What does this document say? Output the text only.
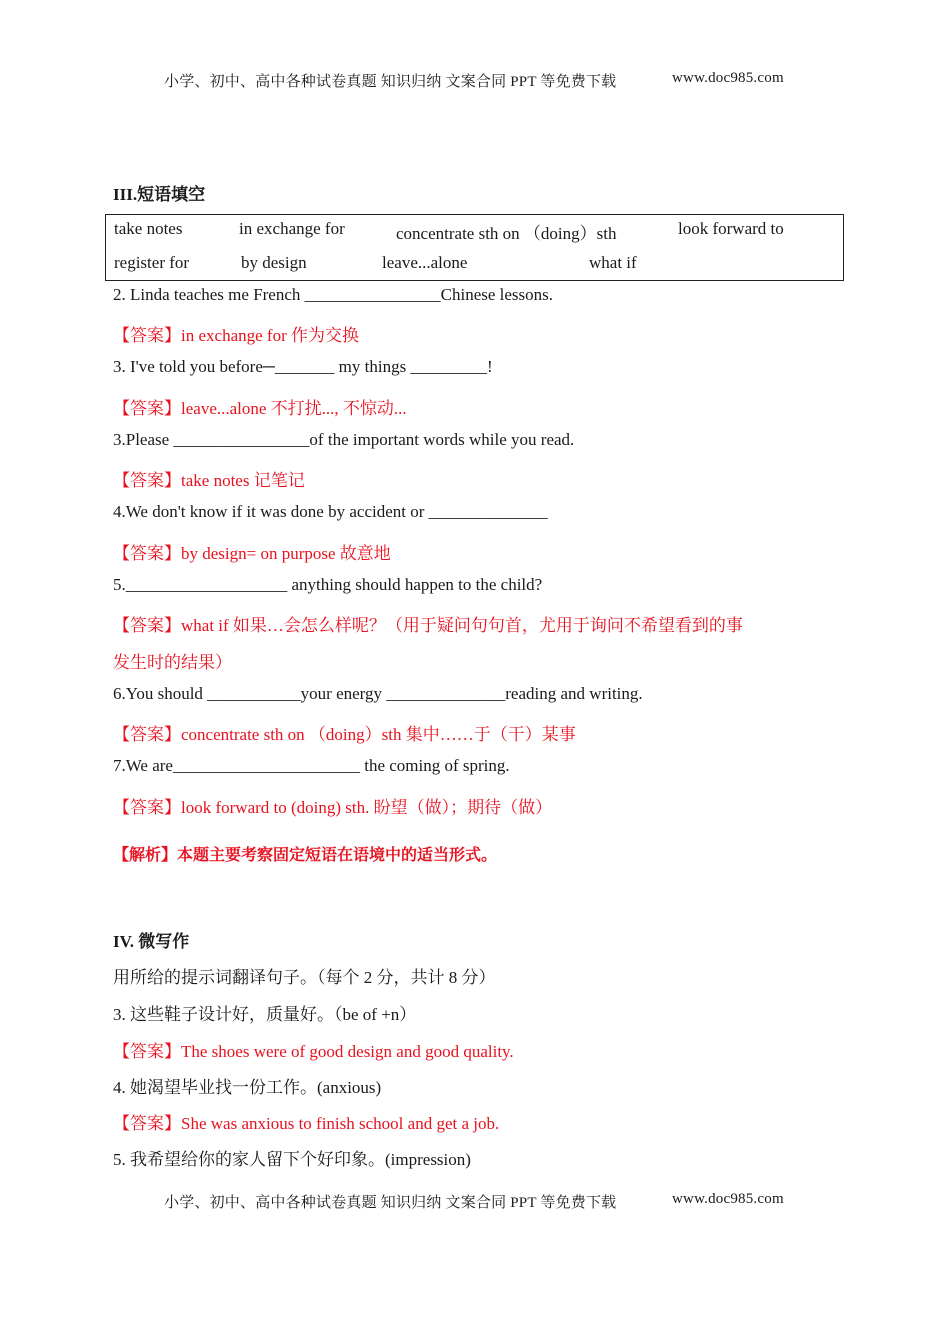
小学、初中、高中各种试卷真题 知识归纳 文案合同 PPT 等免费下载	www.doc985.com
III.短语填空
take notes	in exchange for	concentrate sth on （doing）sth	look forward to
register for	by design	leave...alone	what if
2. Linda teaches me French ________________Chinese lessons.
【答案】in exchange for 作为交换
3. I've told you before─_______ my things _________!
【答案】leave...alone 不打扰..., 不惊动...
3.Please ________________of the important words while you read.
【答案】take notes 记笔记
4.We don't know if it was done by accident or ______________
【答案】by design= on purpose 故意地
5.___________________ anything should happen to the child?
【答案】what if 如果…会怎么样呢？（用于疑问句句首，尤用于询问不希望看到的事
发生时的结果）
6.You should ___________your energy ______________reading and writing.
【答案】concentrate sth on （doing）sth 集中……于（干）某事
7.We are______________________ the coming of spring.
【答案】look forward to (doing) sth. 盼望（做）；期待（做）
【解析】本题主要考察固定短语在语境中的适当形式。
IV. 微写作
用所给的提示词翻译句子。（每个 2 分，共计 8 分）
3. 这些鞋子设计好，质量好。（be of +n）
【答案】The shoes were of good design and good quality.
4. 她渴望毕业找一份工作。(anxious)
【答案】She was anxious to finish school and get a job.
5. 我希望给你的家人留下个好印象。(impression)
小学、初中、高中各种试卷真题 知识归纳 文案合同 PPT 等免费下载	www.doc985.com
